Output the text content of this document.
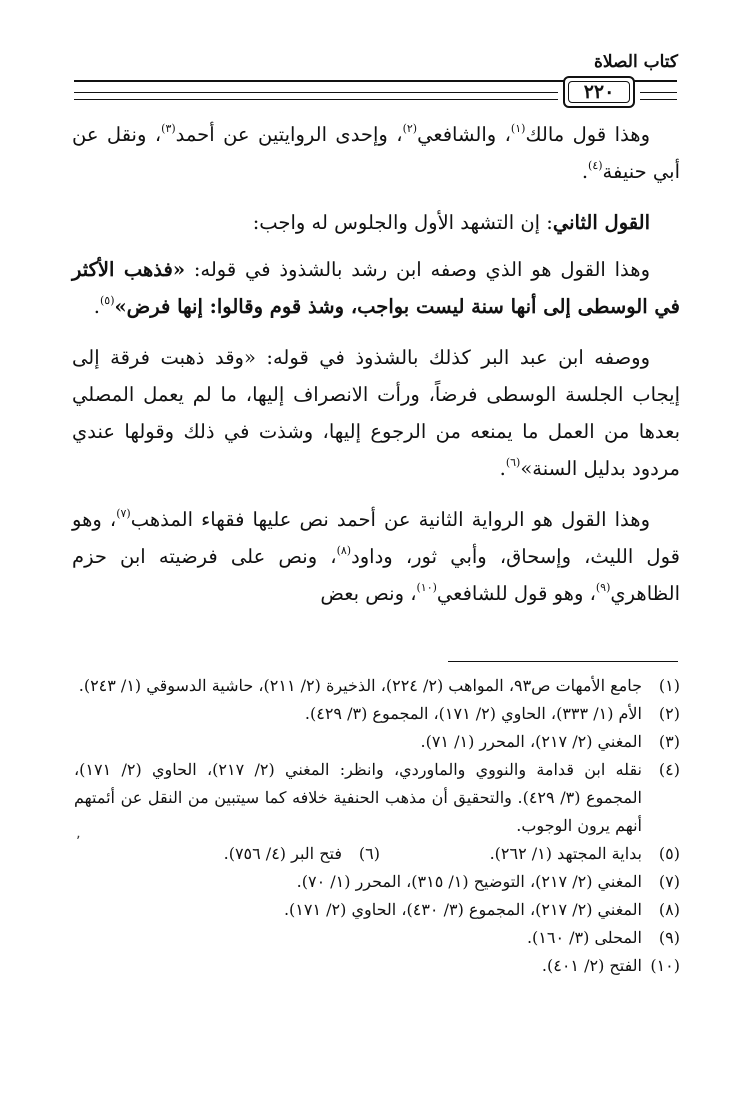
كتاب الصلاة
٢٢٠

وهذا قول مالك$^{(١)}$، والشافعي$^{(٢)}$، وإحدى الروايتين عن أحمد$^{(٣)}$، ونقل عن أبي حنيفة$^{(٤)}$.

القول الثاني: إن التشهد الأول والجلوس له واجب:

وهذا القول هو الذي وصفه ابن رشد بالشذوذ في قوله: «فذهب الأكثر في الوسطى إلى أنها سنة ليست بواجب، وشذ قوم وقالوا: إنها فرض»$^{(٥)}$.

ووصفه ابن عبد البر كذلك بالشذوذ في قوله: «وقد ذهبت فرقة إلى إيجاب الجلسة الوسطى فرضاً، ورأت الانصراف إليها، ما لم يعمل المصلي بعدها من العمل ما يمنعه من الرجوع إليها، وشذت في ذلك وقولها عندي مردود بدليل السنة»$^{(٦)}$.

وهذا القول هو الرواية الثانية عن أحمد نص عليها فقهاء المذهب$^{(٧)}$، وهو قول الليث، وإسحاق، وأبي ثور، وداود$^{(٨)}$، ونص على فرضيته ابن حزم الظاهري$^{(٩)}$، وهو قول للشافعي$^{(١٠)}$، ونص بعض

(١)
جامع الأمهات ص٩٣، المواهب (٢/ ٢٢٤)، الذخيرة (٢/ ٢١١)، حاشية الدسوقي (١/ ٢٤٣).
(٢)
الأم (١/ ٣٣٣)، الحاوي (٢/ ١٧١)، المجموع (٣/ ٤٢٩).
(٣)
المغني (٢/ ٢١٧)، المحرر (١/ ٧١).
(٤)
نقله ابن قدامة والنووي والماوردي، وانظر: المغني (٢/ ٢١٧)، الحاوي (٢/ ١٧١)، المجموع (٣/ ٤٢٩). والتحقيق أن مذهب الحنفية خلافه كما سيتبين من النقل عن أئمتهم أنهم يرون الوجوب.
(٥)
بداية المجتهد (١/ ٢٦٢).
(٦)
فتح البر (٤/ ٧٥٦).
(٧)
المغني (٢/ ٢١٧)، التوضيح (١/ ٣١٥)، المحرر (١/ ٧٠).
(٨)
المغني (٢/ ٢١٧)، المجموع (٣/ ٤٣٠)، الحاوي (٢/ ١٧١).
(٩)
المحلى (٣/ ١٦٠).
(١٠)
الفتح (٢/ ٤٠١).
٬
